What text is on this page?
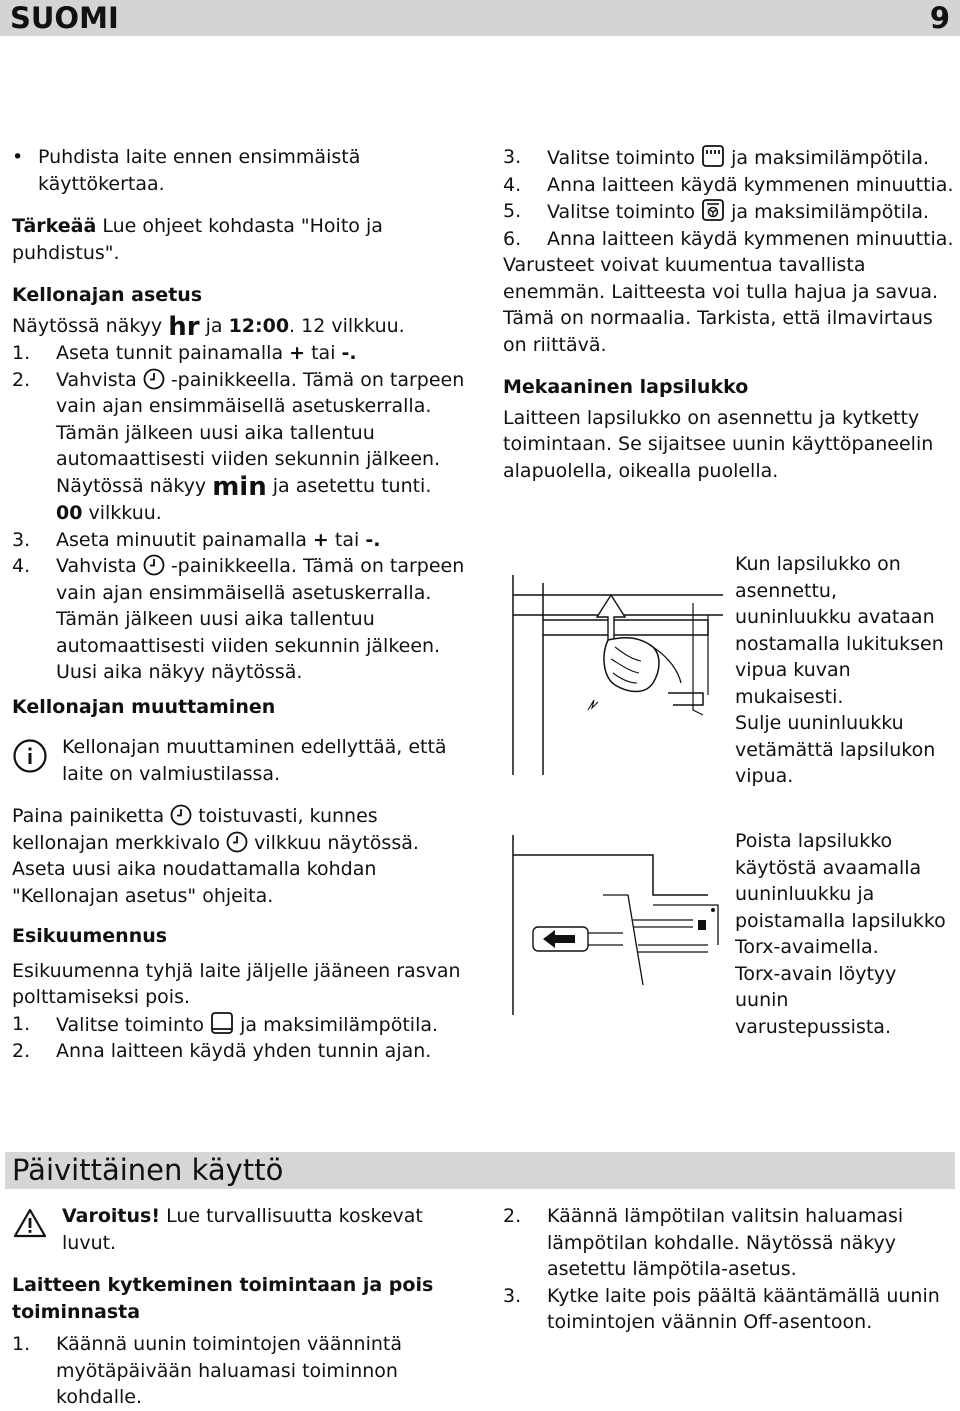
SUOMI	9

• Puhdista laite ennen ensimmäistä käyttökertaa.

Tärkeää Lue ohjeet kohdasta "Hoito ja puhdistus".

Kellonajan asetus

Näytössä näkyy hr ja 12:00. 12 vilkkuu.

1. Aseta tunnit painamalla + tai -.

2. Vahvista -painikkeella. Tämä on tarpeen vain ajan ensimmäisellä asetuskerralla. Tämän jälkeen uusi aika tallentuu automaattisesti viiden sekunnin jälkeen.

Näytössä näkyy min ja asetettu tunti.

00 vilkkuu.

3. Aseta minuutit painamalla + tai -.

4. Vahvista -painikkeella. Tämä on tarpeen vain ajan ensimmäisellä asetuskerralla. Tämän jälkeen uusi aika tallentuu automaattisesti viiden sekunnin jälkeen.

Uusi aika näkyy näytössä.

Kellonajan muuttaminen

Kellonajan muuttaminen edellyttää, että laite on valmiustilassa.

Paina painiketta toistuvasti, kunnes kellonajan merkkivalo vilkkuu näytössä. Aseta uusi aika noudattamalla kohdan "Kellonajan asetus" ohjeita.

Esikuumennus

Esikuumenna tyhjä laite jäljelle jääneen rasvan polttamiseksi pois.

1. Valitse toiminto ja maksimilämpötila.

2. Anna laitteen käydä yhden tunnin ajan.

3. Valitse toiminto ja maksimilämpötila.

4. Anna laitteen käydä kymmenen minuuttia.

5. Valitse toiminto ja maksimilämpötila.

6. Anna laitteen käydä kymmenen minuuttia.

Varusteet voivat kuumentua tavallista enemmän. Laitteesta voi tulla hajua ja savua. Tämä on normaalia. Tarkista, että ilmavirtaus on riittävä.

Mekaaninen lapsilukko

Laitteen lapsilukko on asennettu ja kytketty toimintaan. Se sijaitsee uunin käyttöpaneelin alapuolella, oikealla puolella.

Kun lapsilukko on asennettu, uuninluukku avataan nostamalla lukituksen vipua kuvan mukaisesti.

Sulje uuninluukku vetämättä lapsilukon vipua.

Poista lapsilukko käytöstä avaamalla uuninluukku ja poistamalla lapsilukko Torx-avaimella.

Torx-avain löytyy uunin varustepussista.

Päivittäinen käyttö

Varoitus! Lue turvallisuutta koskevat luvut.

Laitteen kytkeminen toimintaan ja pois toiminnasta

1. Käännä uunin toimintojen väännintä myötäpäivään haluamasi toiminnon kohdalle.

2. Käännä lämpötilan valitsin haluamasi lämpötilan kohdalle. Näytössä näkyy asetettu lämpötila-asetus.

3. Kytke laite pois päältä kääntämällä uunin toimintojen väännin Off-asentoon.
